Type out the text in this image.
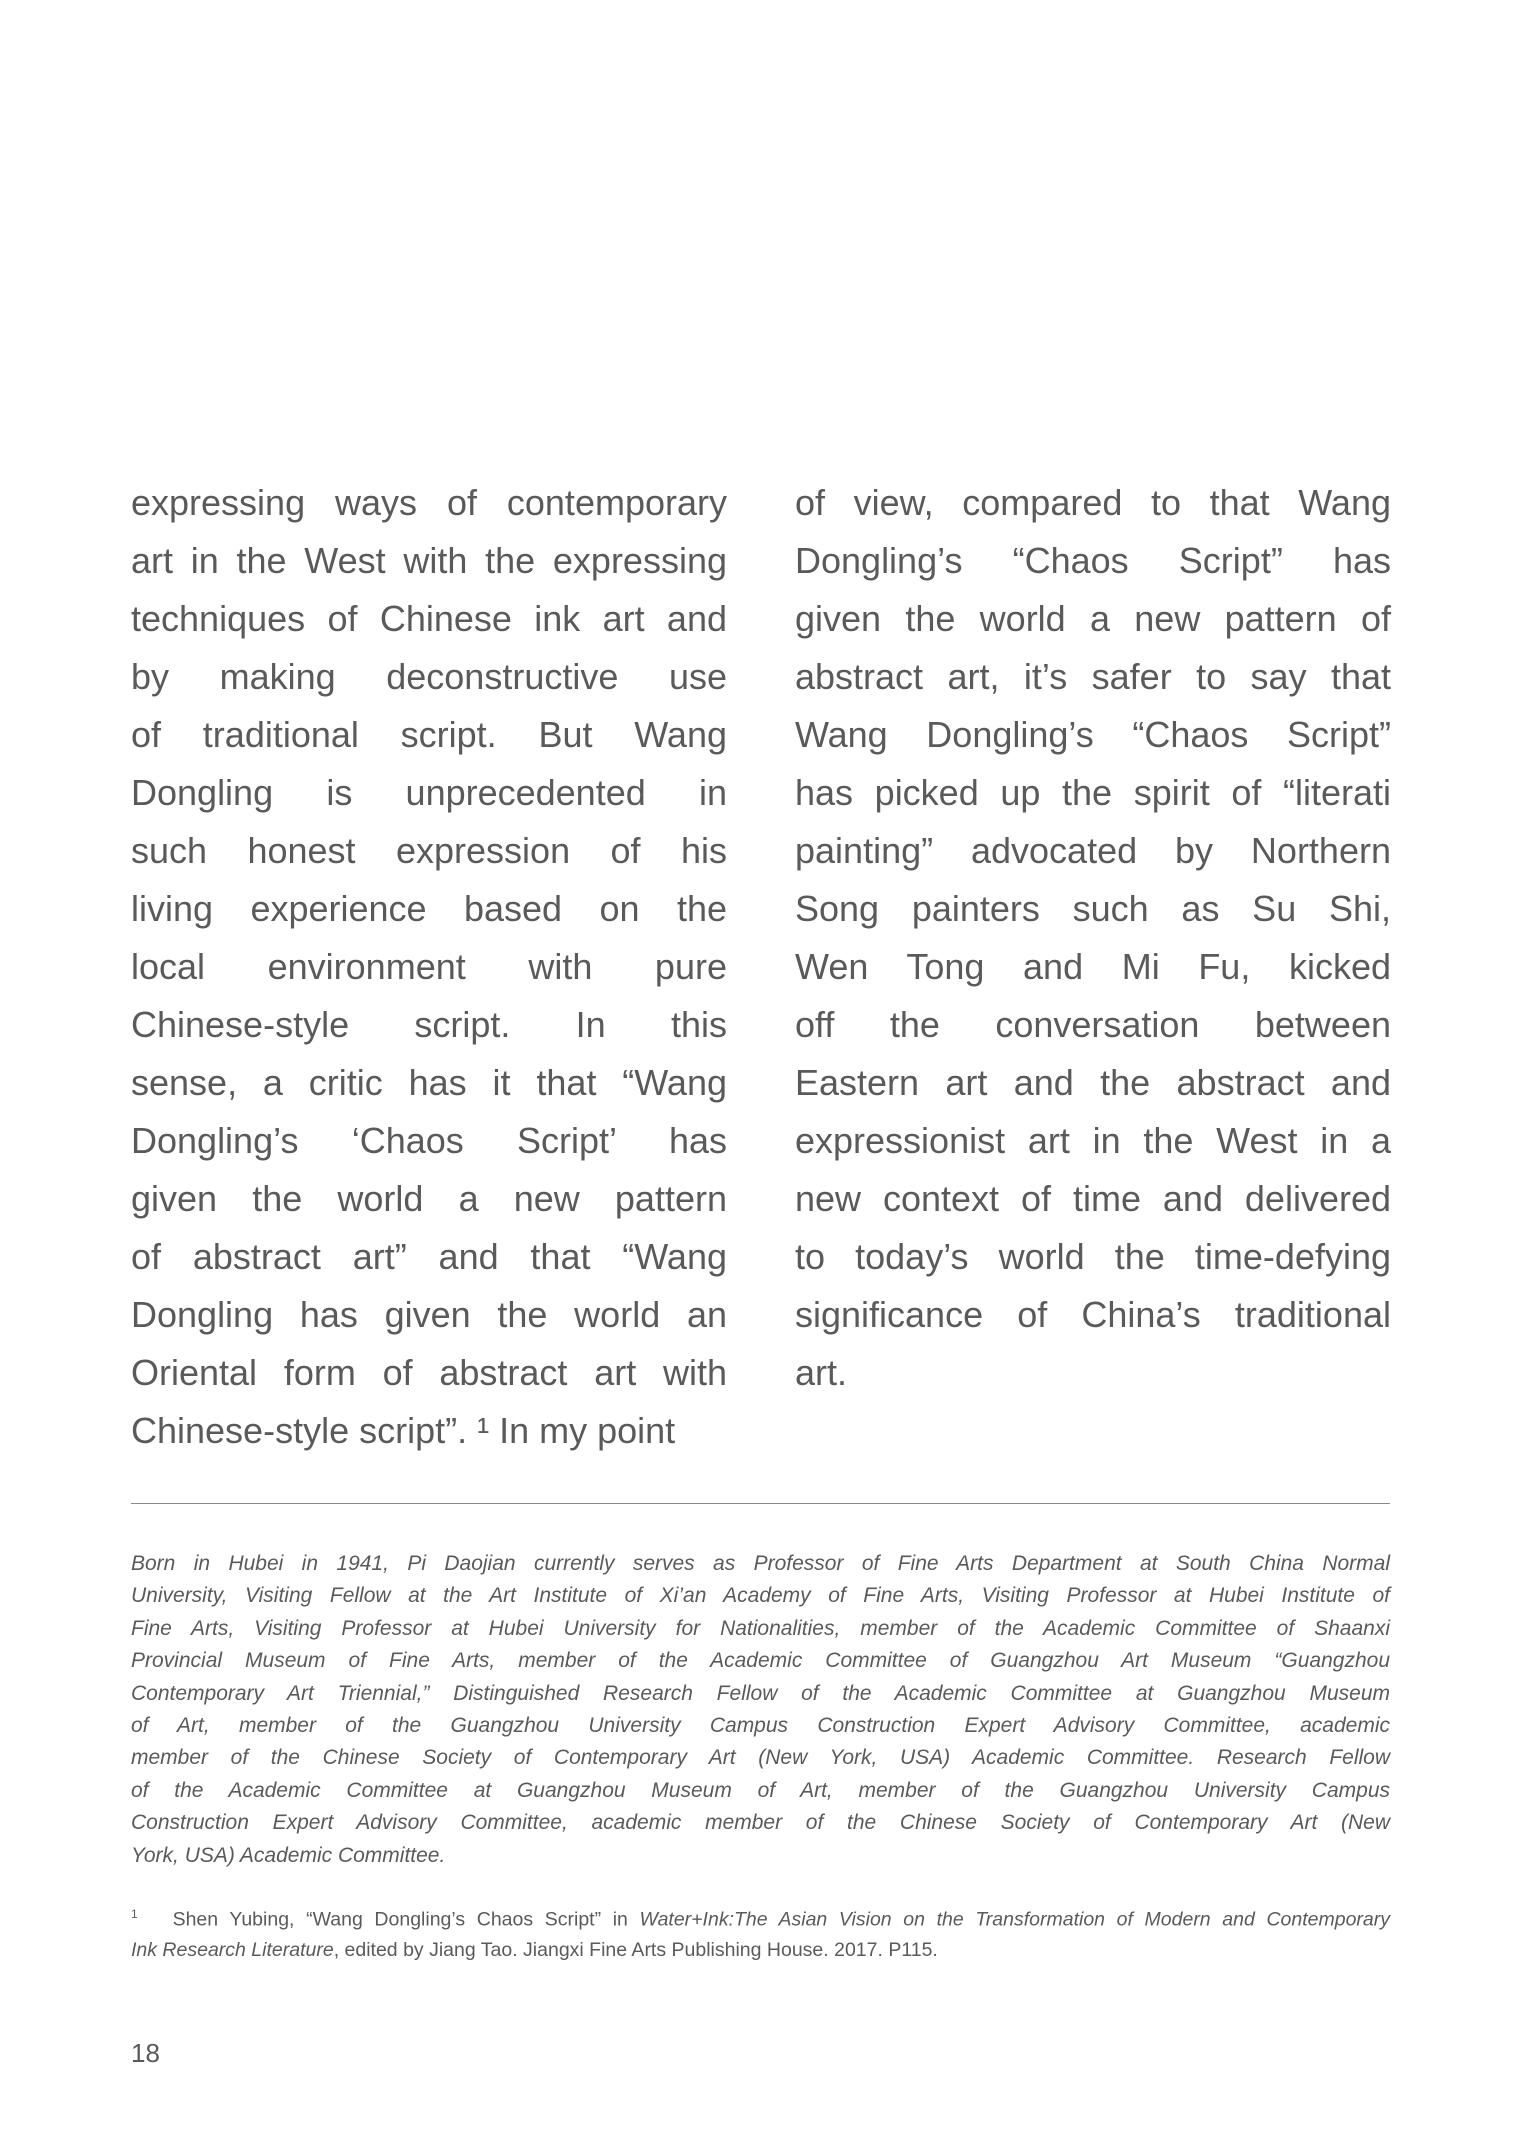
expressing ways of contemporary
art in the West with the expressing
techniques of Chinese ink art and
by making deconstructive use
of traditional script. But Wang
Dongling is unprecedented in
such honest expression of his
living experience based on the
local environment with pure
Chinese-style script. In this
sense, a critic has it that “Wang
Dongling’s ‘Chaos Script’ has
given the world a new pattern
of abstract art” and that “Wang
Dongling has given the world an
Oriental form of abstract art with
Chinese-style script”. ¹ In my point
of view, compared to that Wang
Dongling’s “Chaos Script” has
given the world a new pattern of
abstract art, it’s safer to say that
Wang Dongling’s “Chaos Script”
has picked up the spirit of “literati
painting” advocated by Northern
Song painters such as Su Shi,
Wen Tong and Mi Fu, kicked
off the conversation between
Eastern art and the abstract and
expressionist art in the West in a
new context of time and delivered
to today’s world the time-defying
significance of China’s traditional
art.
Born in Hubei in 1941, Pi Daojian currently serves as Professor of Fine Arts Department at South China Normal
University, Visiting Fellow at the Art Institute of Xi’an Academy of Fine Arts, Visiting Professor at Hubei Institute of
Fine Arts, Visiting Professor at Hubei University for Nationalities, member of the Academic Committee of Shaanxi
Provincial Museum of Fine Arts, member of the Academic Committee of Guangzhou Art Museum “Guangzhou
Contemporary Art Triennial,” Distinguished Research Fellow of the Academic Committee at Guangzhou Museum
of Art, member of the Guangzhou University Campus Construction Expert Advisory Committee, academic
member of the Chinese Society of Contemporary Art (New York, USA) Academic Committee. Research Fellow
of the Academic Committee at Guangzhou Museum of Art, member of the Guangzhou University Campus
Construction Expert Advisory Committee, academic member of the Chinese Society of Contemporary Art (New
York, USA) Academic Committee.
$^1$ Shen Yubing, “Wang Dongling’s Chaos Script” in Water+Ink:The Asian Vision on the Transformation of Modern and Contemporary
Ink Research Literature, edited by Jiang Tao. Jiangxi Fine Arts Publishing House. 2017. P115.
18
